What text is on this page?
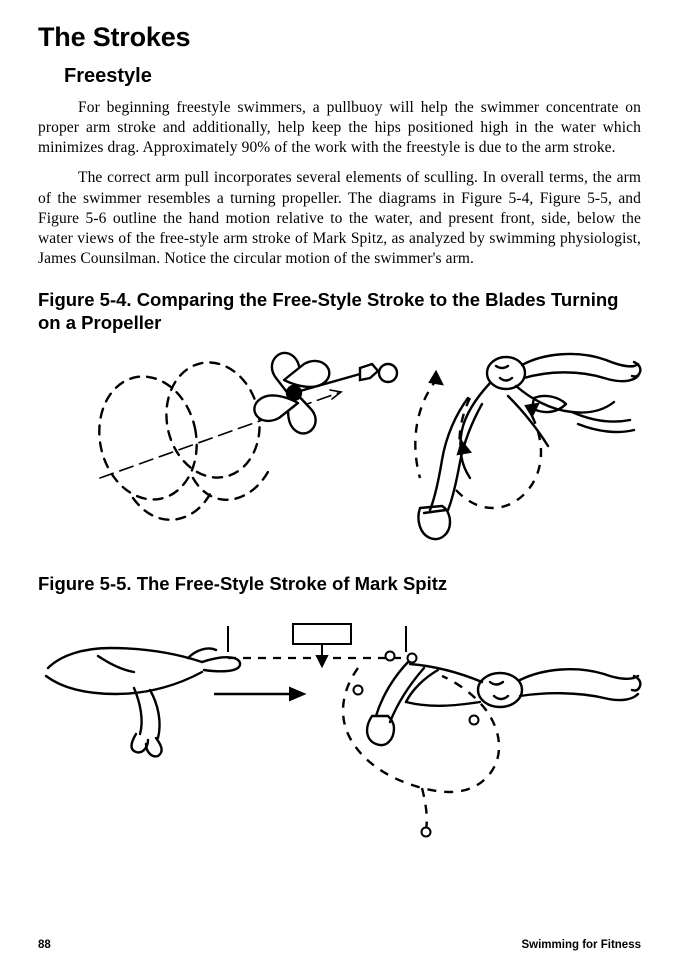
The Strokes
Freestyle

For beginning freestyle swimmers, a pullbuoy will help the swimmer concentrate on proper arm stroke and additionally, help keep the hips positioned high in the water which minimizes drag. Approximately 90% of the work with the freestyle is due to the arm stroke.

The correct arm pull incorporates several elements of sculling. In overall terms, the arm of the swimmer resembles a turning propeller. The diagrams in Figure 5-4, Figure 5-5, and Figure 5-6 outline the hand motion relative to the water, and present front, side, below the water views of the free-style arm stroke of Mark Spitz, as analyzed by swimming physiologist, James Counsilman. Notice the circular motion of the swimmer's arm.

Figure 5-4. Comparing the Free-Style Stroke to the Blades Turning on a Propeller
Figure 5-5. The Free-Style Stroke of Mark Spitz
POINT OF ENTRY	NET HAND
MOTION
POINT OF EXIT
BODY
MOTION FORWARD
88	Swimming for Fitness
